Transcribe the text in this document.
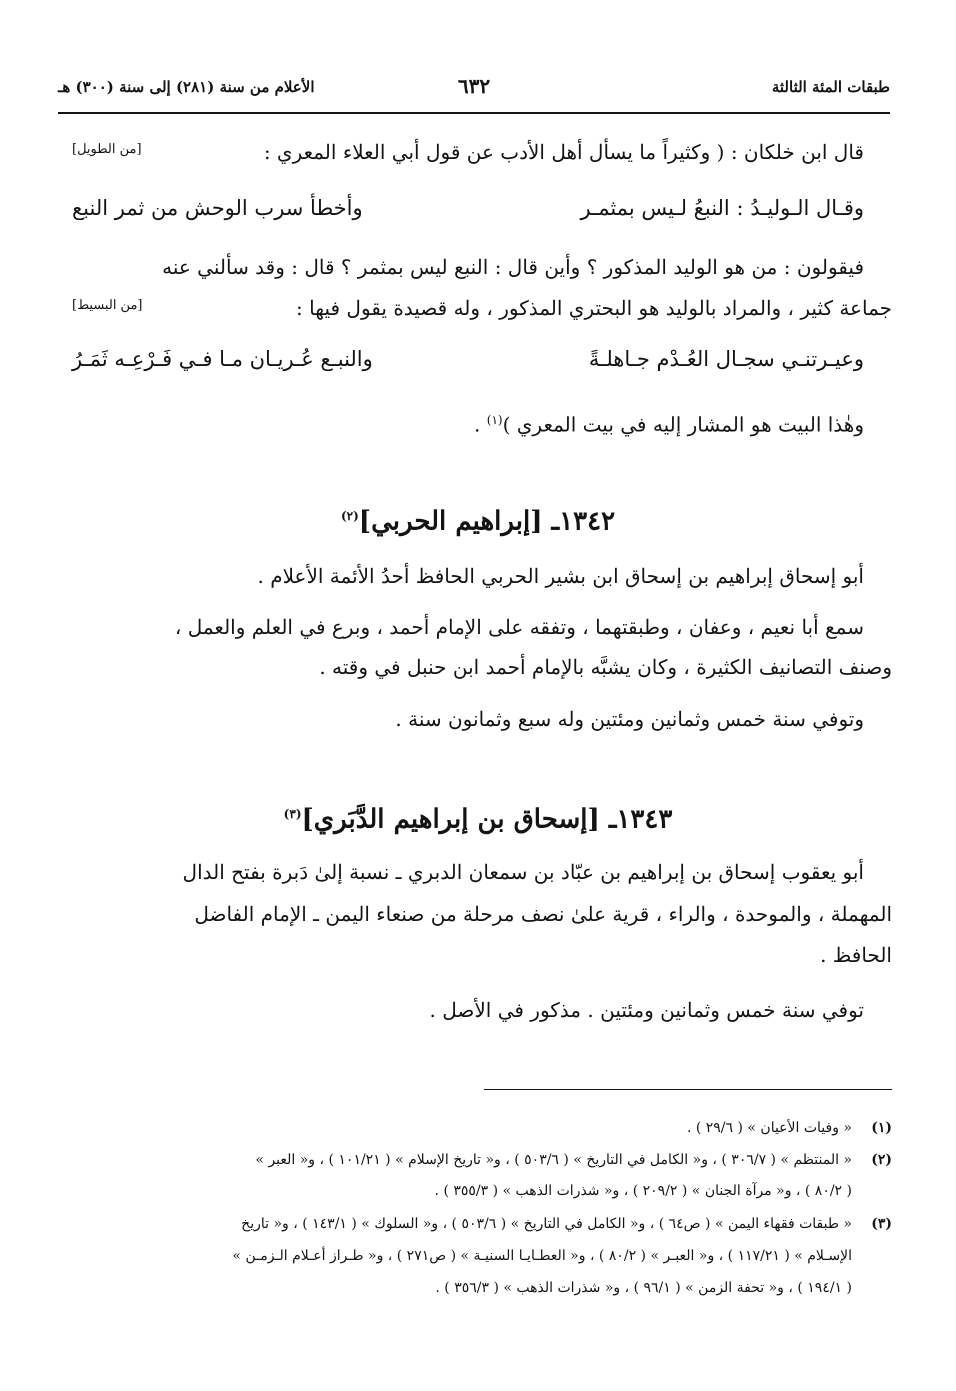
طبقات المئة الثالثة
٦٣٢
الأعلام من سنة (٢٨١) إلى سنة (٣٠٠) هـ
قال ابن خلكان : ( وكثيراً ما يسأل أهل الأدب عن قول أبي العلاء المعري :
[من الطويل]
وقـال الـوليـدُ : النبعُ لـيس بمثمـر
وأخطأ سرب الوحش من ثمر النبع
فيقولون : من هو الوليد المذكور ؟ وأين قال : النبع ليس بمثمر ؟ قال : وقد سألني عنه
جماعة كثير ، والمراد بالوليد هو البحتري المذكور ، وله قصيدة يقول فيها :
[من البسيط]
وعيـرتنـي سجـال العُـدْم جـاهلـةً
والنبـع عُـريـان مـا فـي فَـرْعِـه ثَمَـرُ
وهٰذا البيت هو المشار إليه في بيت المعري )$^{(١)}$ .
١٣٤٢ـ [إبراهيم الحربي]$^{(٢)}$
أبو إسحاق إبراهيم بن إسحاق ابن بشير الحربي الحافظ أحدُ الأئمة الأعلام .
سمع أبا نعيم ، وعفان ، وطبقتهما ، وتفقه على الإمام أحمد ، وبرع في العلم والعمل ،
وصنف التصانيف الكثيرة ، وكان يشبَّه بالإمام أحمد ابن حنبل في وقته .
وتوفي سنة خمس وثمانين ومئتين وله سبع وثمانون سنة .
١٣٤٣ـ [إسحاق بن إبراهيم الدَّبَري]$^{(٣)}$
أبو يعقوب إسحاق بن إبراهيم بن عبّاد بن سمعان الدبري ـ نسبة إلىٰ دَبرة بفتح الدال
المهملة ، والموحدة ، والراء ، قرية علىٰ نصف مرحلة من صنعاء اليمن ـ الإمام الفاضل
الحافظ .
توفي سنة خمس وثمانين ومئتين . مذكور في الأصل .
(١)
« وفيات الأعيان » ( ٢٩/٦ ) .
(٢)
« المنتظم » ( ٣٠٦/٧ ) ، و« الكامل في التاريخ » ( ٥٠٣/٦ ) ، و« تاريخ الإسلام » ( ١٠١/٢١ ) ، و« العبر »
( ٨٠/٢ ) ، و« مرآة الجنان » ( ٢٠٩/٢ ) ، و« شذرات الذهب » ( ٣٥٥/٣ ) .
(٣)
« طبقات فقهاء اليمن » ( ص٦٤ ) ، و« الكامل في التاريخ » ( ٥٠٣/٦ ) ، و« السلوك » ( ١٤٣/١ ) ، و« تاريخ
الإسـلام » ( ١١٧/٢١ ) ، و« العبـر » ( ٨٠/٢ ) ، و« العطـايـا السنيـة » ( ص٢٧١ ) ، و« طـراز أعـلام الـزمـن »
( ١٩٤/١ ) ، و« تحفة الزمن » ( ٩٦/١ ) ، و« شذرات الذهب » ( ٣٥٦/٣ ) .
